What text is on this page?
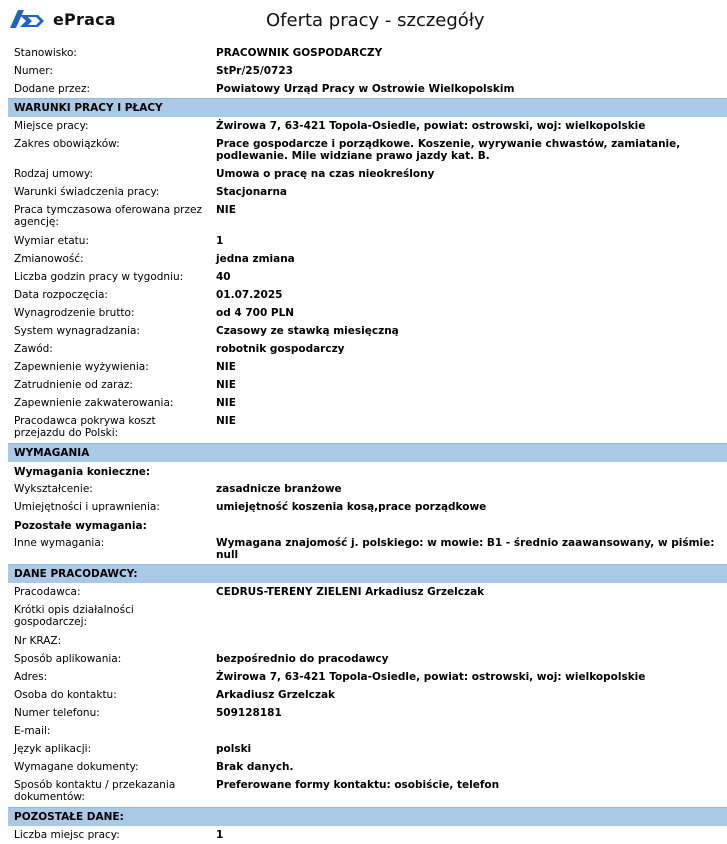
ePraca	Oferta pracy - szczegóły
Stanowisko:	PRACOWNIK GOSPODARCZY
Numer:	StPr/25/0723
Dodane przez:	Powiatowy Urząd Pracy w Ostrowie Wielkopolskim
WARUNKI PRACY I PŁACY	
Miejsce pracy:	Żwirowa 7, 63-421 Topola-Osiedle, powiat: ostrowski, woj: wielkopolskie
Zakres obowiązków:	Prace gospodarcze i porządkowe. Koszenie, wyrywanie chwastów, zamiatanie, podlewanie. Mile widziane prawo jazdy kat. B.
Rodzaj umowy:	Umowa o pracę na czas nieokreślony
Warunki świadczenia pracy:	Stacjonarna
Praca tymczasowa oferowana przez agencję:	NIE
Wymiar etatu:	1
Zmianowość:	jedna zmiana
Liczba godzin pracy w tygodniu:	40
Data rozpoczęcia:	01.07.2025
Wynagrodzenie brutto:	od 4 700 PLN
System wynagradzania:	Czasowy ze stawką miesięczną
Zawód:	robotnik gospodarczy
Zapewnienie wyżywienia:	NIE
Zatrudnienie od zaraz:	NIE
Zapewnienie zakwaterowania:	NIE
Pracodawca pokrywa koszt przejazdu do Polski:	NIE
WYMAGANIA	
Wymagania konieczne:	
Wykształcenie:	zasadnicze branżowe
Umiejętności i uprawnienia:	umiejętność koszenia kosą,prace porządkowe
Pozostałe wymagania:	
Inne wymagania:	Wymagana znajomość j. polskiego: w mowie: B1 - średnio zaawansowany, w piśmie: null
DANE PRACODAWCY:	
Pracodawca:	CEDRUS-TERENY ZIELENI Arkadiusz Grzelczak
Krótki opis działalności gospodarczej:	
Nr KRAZ:	
Sposób aplikowania:	bezpośrednio do pracodawcy
Adres:	Żwirowa 7, 63-421 Topola-Osiedle, powiat: ostrowski, woj: wielkopolskie
Osoba do kontaktu:	Arkadiusz Grzelczak
Numer telefonu:	509128181
E-mail:	
Język aplikacji:	polski
Wymagane dokumenty:	Brak danych.
Sposób kontaktu / przekazania dokumentów:	Preferowane formy kontaktu: osobiście, telefon
POZOSTAŁE DANE:	
Liczba miejsc pracy:	1
